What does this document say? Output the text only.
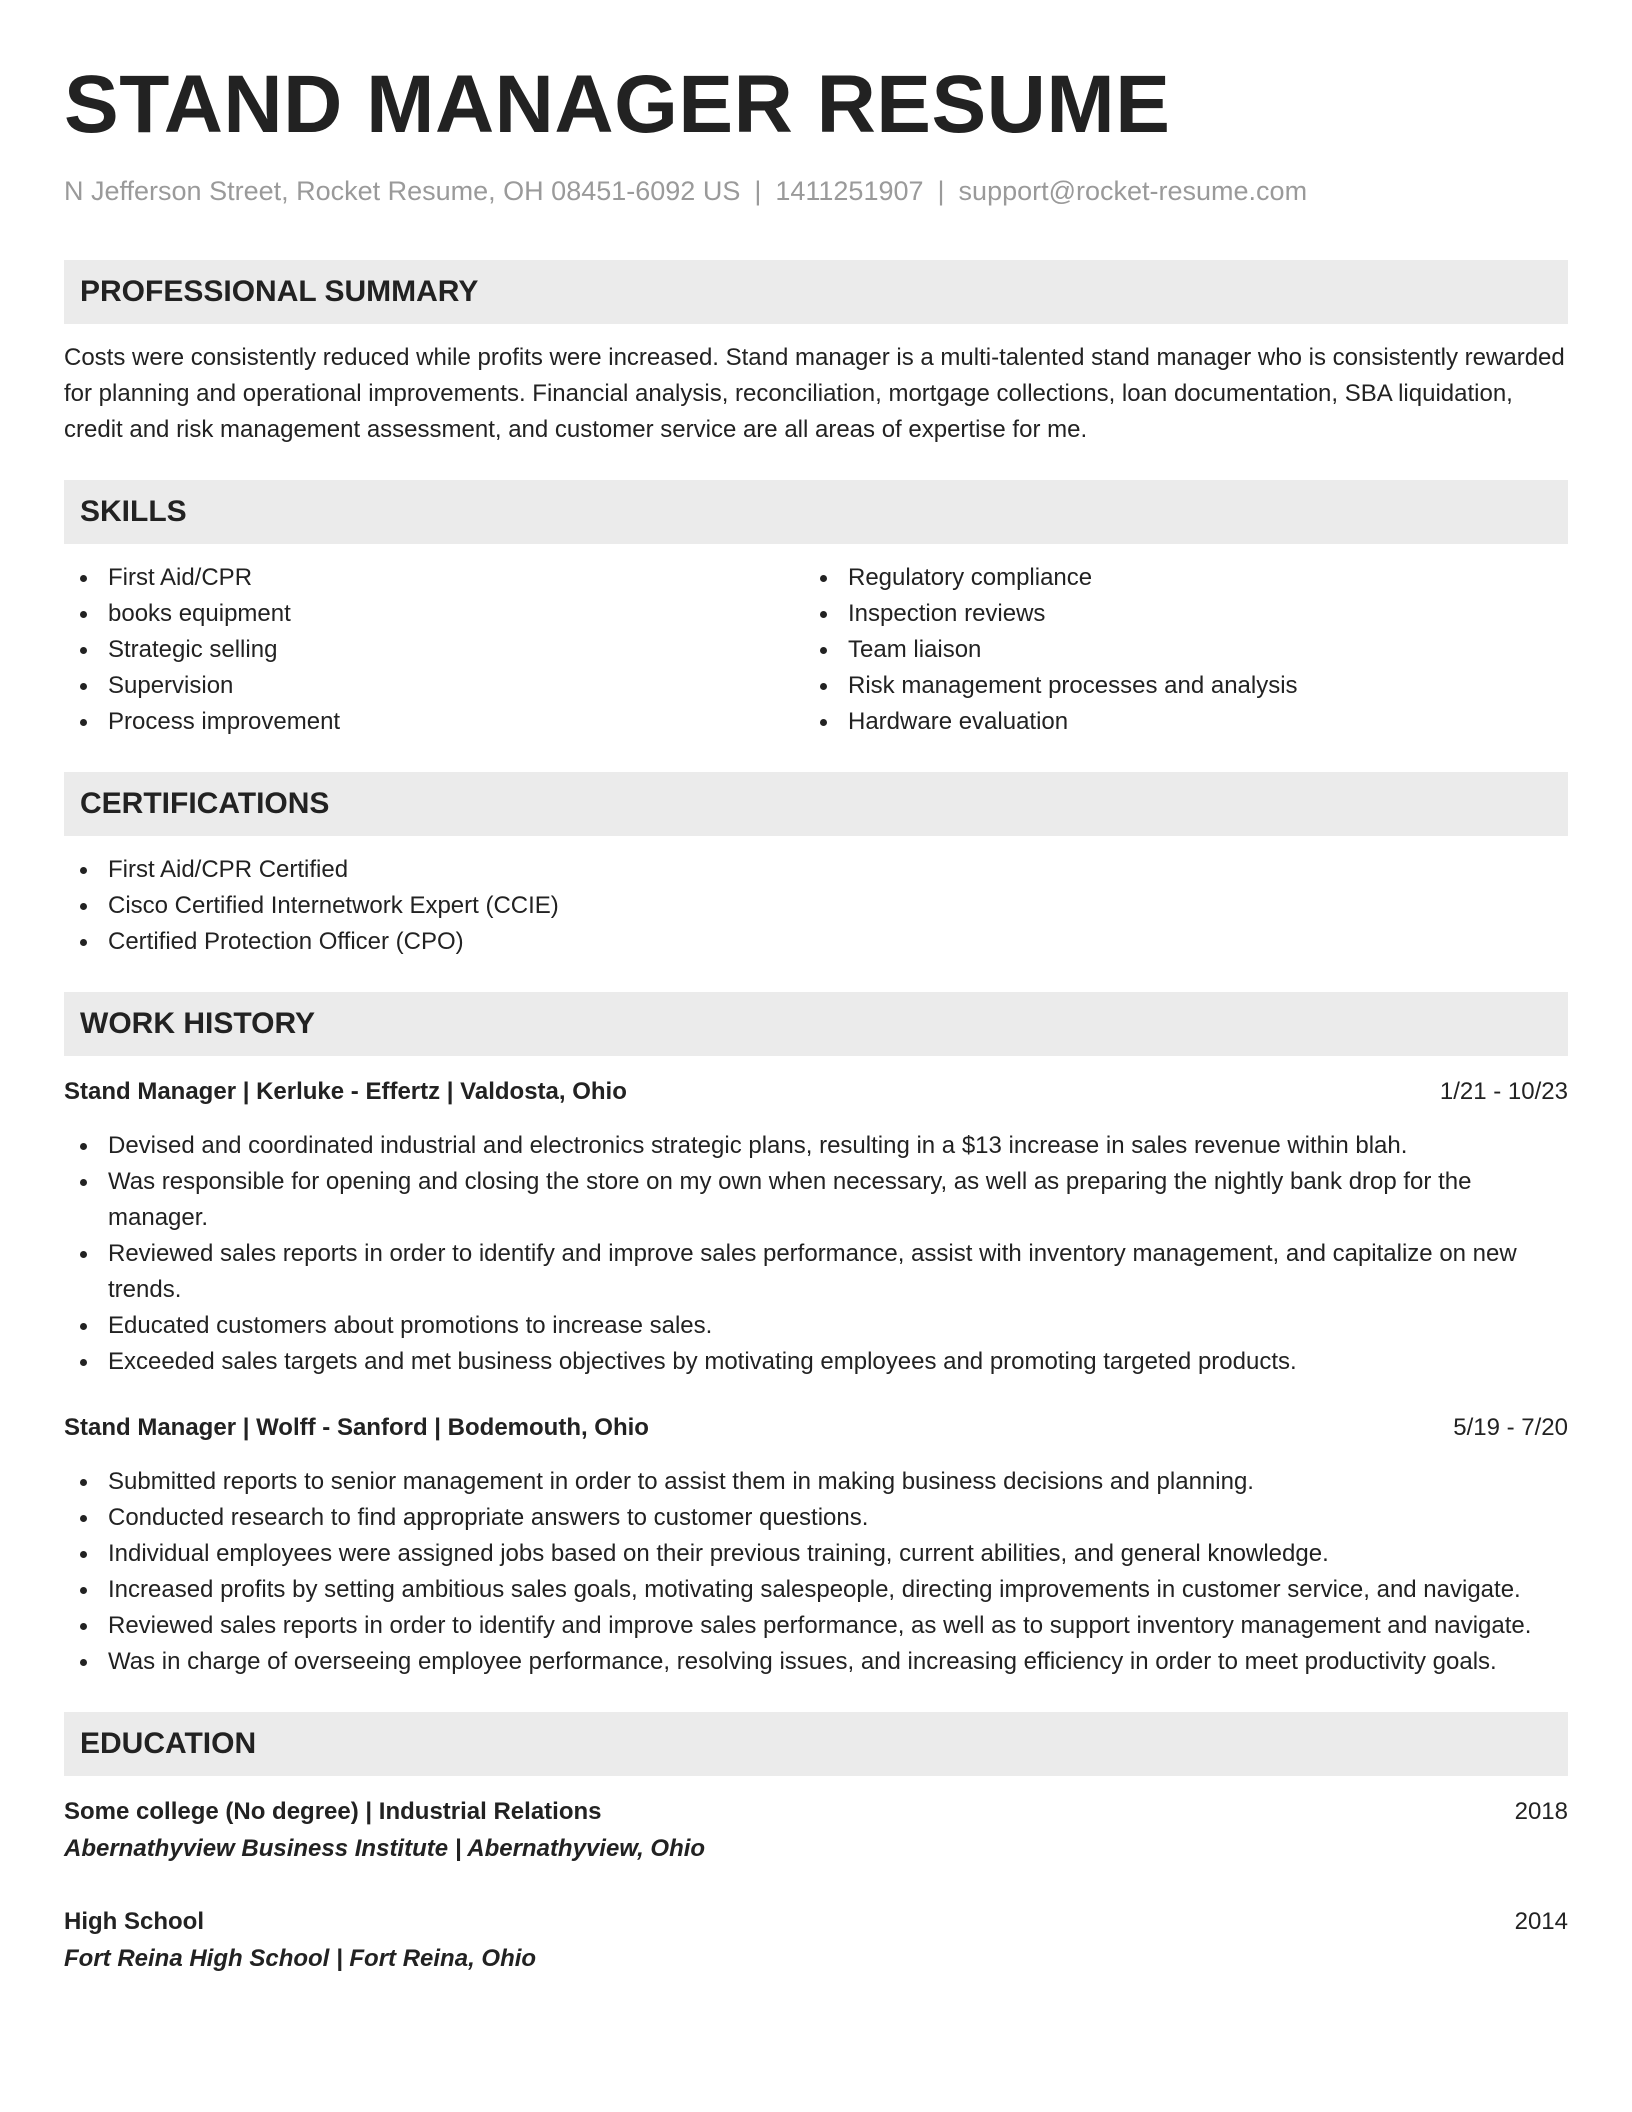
STAND MANAGER RESUME
N Jefferson Street, Rocket Resume, OH 08451-6092 US | 1411251907 | support@rocket-resume.com
PROFESSIONAL SUMMARY

Costs were consistently reduced while profits were increased. Stand manager is a multi-talented stand manager who is consistently rewarded for planning and operational improvements. Financial analysis, reconciliation, mortgage collections, loan documentation, SBA liquidation, credit and risk management assessment, and customer service are all areas of expertise for me.

SKILLS
First Aid/CPR
books equipment
Strategic selling
Supervision
Process improvement
Regulatory compliance
Inspection reviews
Team liaison
Risk management processes and analysis
Hardware evaluation
CERTIFICATIONS
First Aid/CPR Certified
Cisco Certified Internetwork Expert (CCIE)
Certified Protection Officer (CPO)
WORK HISTORY
Stand Manager | Kerluke - Effertz | Valdosta, Ohio	1/21 - 10/23
Devised and coordinated industrial and electronics strategic plans, resulting in a $13 increase in sales revenue within blah.
Was responsible for opening and closing the store on my own when necessary, as well as preparing the nightly bank drop for the manager.
Reviewed sales reports in order to identify and improve sales performance, assist with inventory management, and capitalize on new trends.
Educated customers about promotions to increase sales.
Exceeded sales targets and met business objectives by motivating employees and promoting targeted products.
Stand Manager | Wolff - Sanford | Bodemouth, Ohio	5/19 - 7/20
Submitted reports to senior management in order to assist them in making business decisions and planning.
Conducted research to find appropriate answers to customer questions.
Individual employees were assigned jobs based on their previous training, current abilities, and general knowledge.
Increased profits by setting ambitious sales goals, motivating salespeople, directing improvements in customer service, and navigate.
Reviewed sales reports in order to identify and improve sales performance, as well as to support inventory management and navigate.
Was in charge of overseeing employee performance, resolving issues, and increasing efficiency in order to meet productivity goals.
EDUCATION
Some college (No degree) | Industrial Relations	2018
Abernathyview Business Institute | Abernathyview, Ohio
High School	2014
Fort Reina High School | Fort Reina, Ohio
